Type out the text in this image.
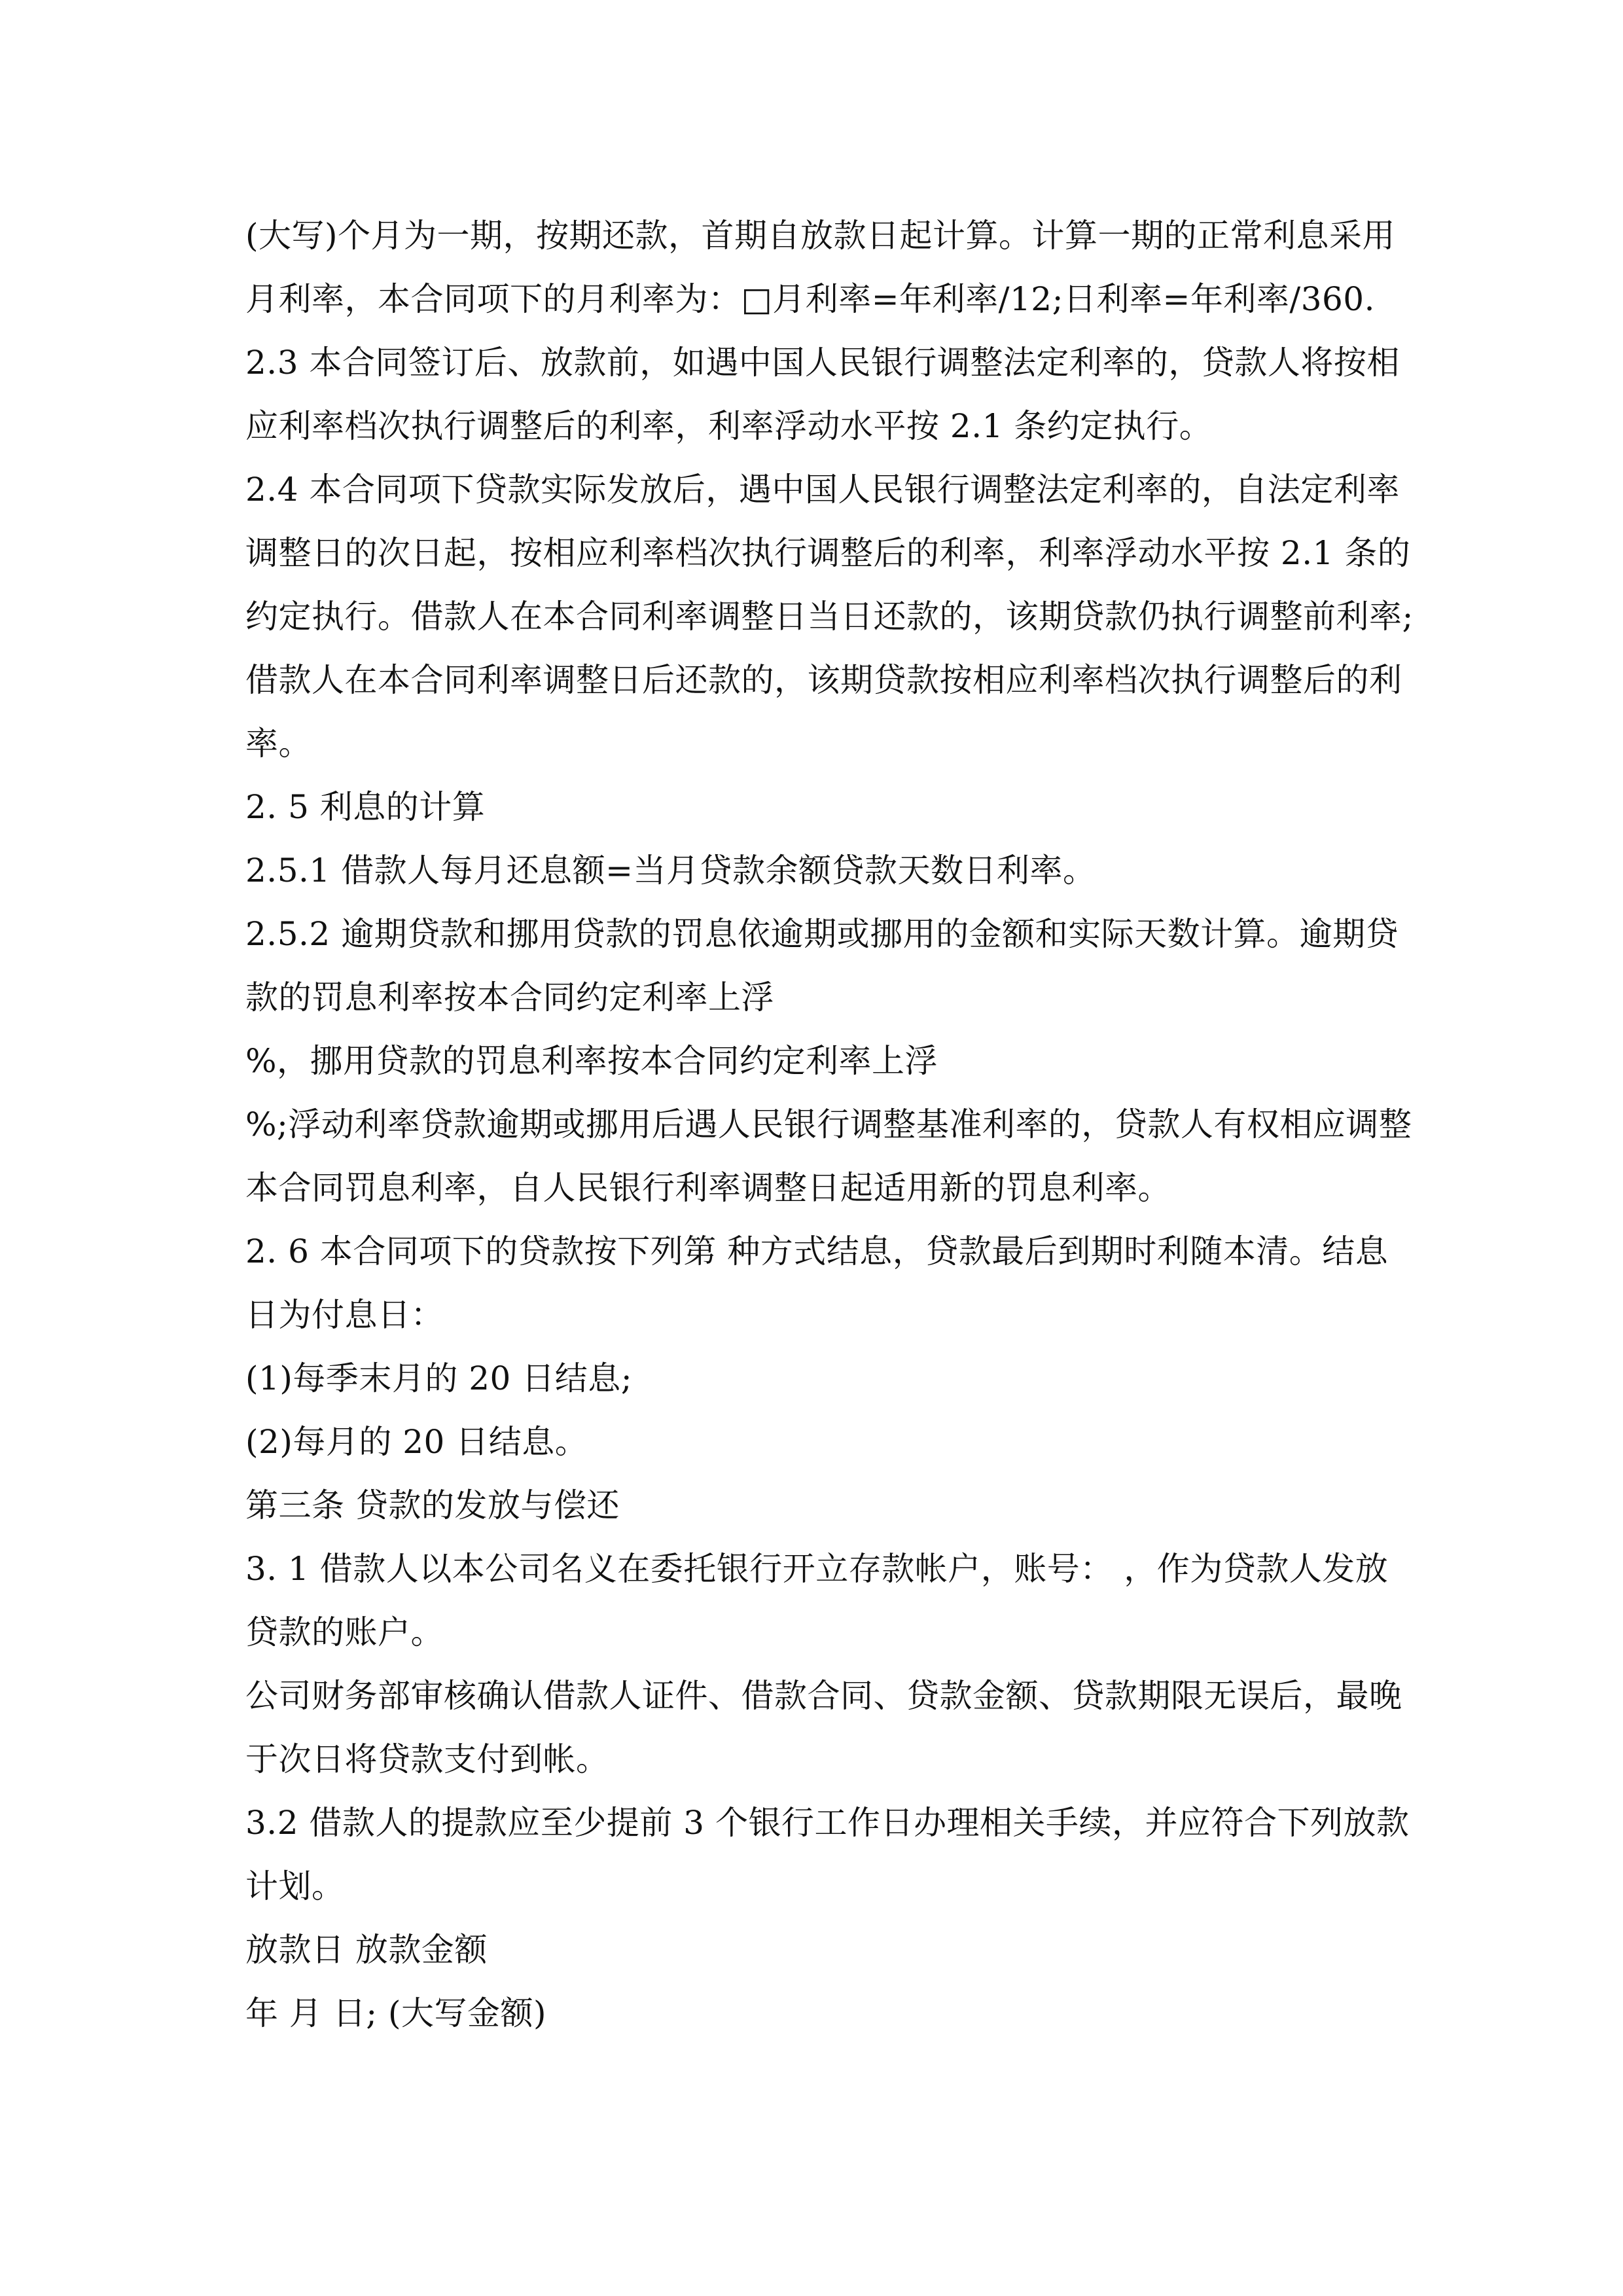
(大写)个月为一期，按期还款，首期自放款日起计算。计算一期的正常利息采用
月利率，本合同项下的月利率为：□月利率=年利率/12;日利率=年利率/360.
2.3 本合同签订后、放款前，如遇中国人民银行调整法定利率的，贷款人将按相
应利率档次执行调整后的利率，利率浮动水平按 2.1 条约定执行。
2.4 本合同项下贷款实际发放后，遇中国人民银行调整法定利率的，自法定利率
调整日的次日起，按相应利率档次执行调整后的利率，利率浮动水平按 2.1 条的
约定执行。借款人在本合同利率调整日当日还款的，该期贷款仍执行调整前利率;
借款人在本合同利率调整日后还款的，该期贷款按相应利率档次执行调整后的利
率。
2. 5 利息的计算
2.5.1 借款人每月还息额=当月贷款余额贷款天数日利率。
2.5.2 逾期贷款和挪用贷款的罚息依逾期或挪用的金额和实际天数计算。逾期贷
款的罚息利率按本合同约定利率上浮
%，挪用贷款的罚息利率按本合同约定利率上浮
%;浮动利率贷款逾期或挪用后遇人民银行调整基准利率的，贷款人有权相应调整
本合同罚息利率，自人民银行利率调整日起适用新的罚息利率。
2. 6 本合同项下的贷款按下列第 种方式结息，贷款最后到期时利随本清。结息
日为付息日：
(1)每季末月的 20 日结息;
(2)每月的 20 日结息。
第三条 贷款的发放与偿还
3. 1 借款人以本公司名义在委托银行开立存款帐户，账号： ，作为贷款人发放
贷款的账户。
公司财务部审核确认借款人证件、借款合同、贷款金额、贷款期限无误后，最晚
于次日将贷款支付到帐。
3.2 借款人的提款应至少提前 3 个银行工作日办理相关手续，并应符合下列放款
计划。
放款日 放款金额
年 月 日; (大写金额)
